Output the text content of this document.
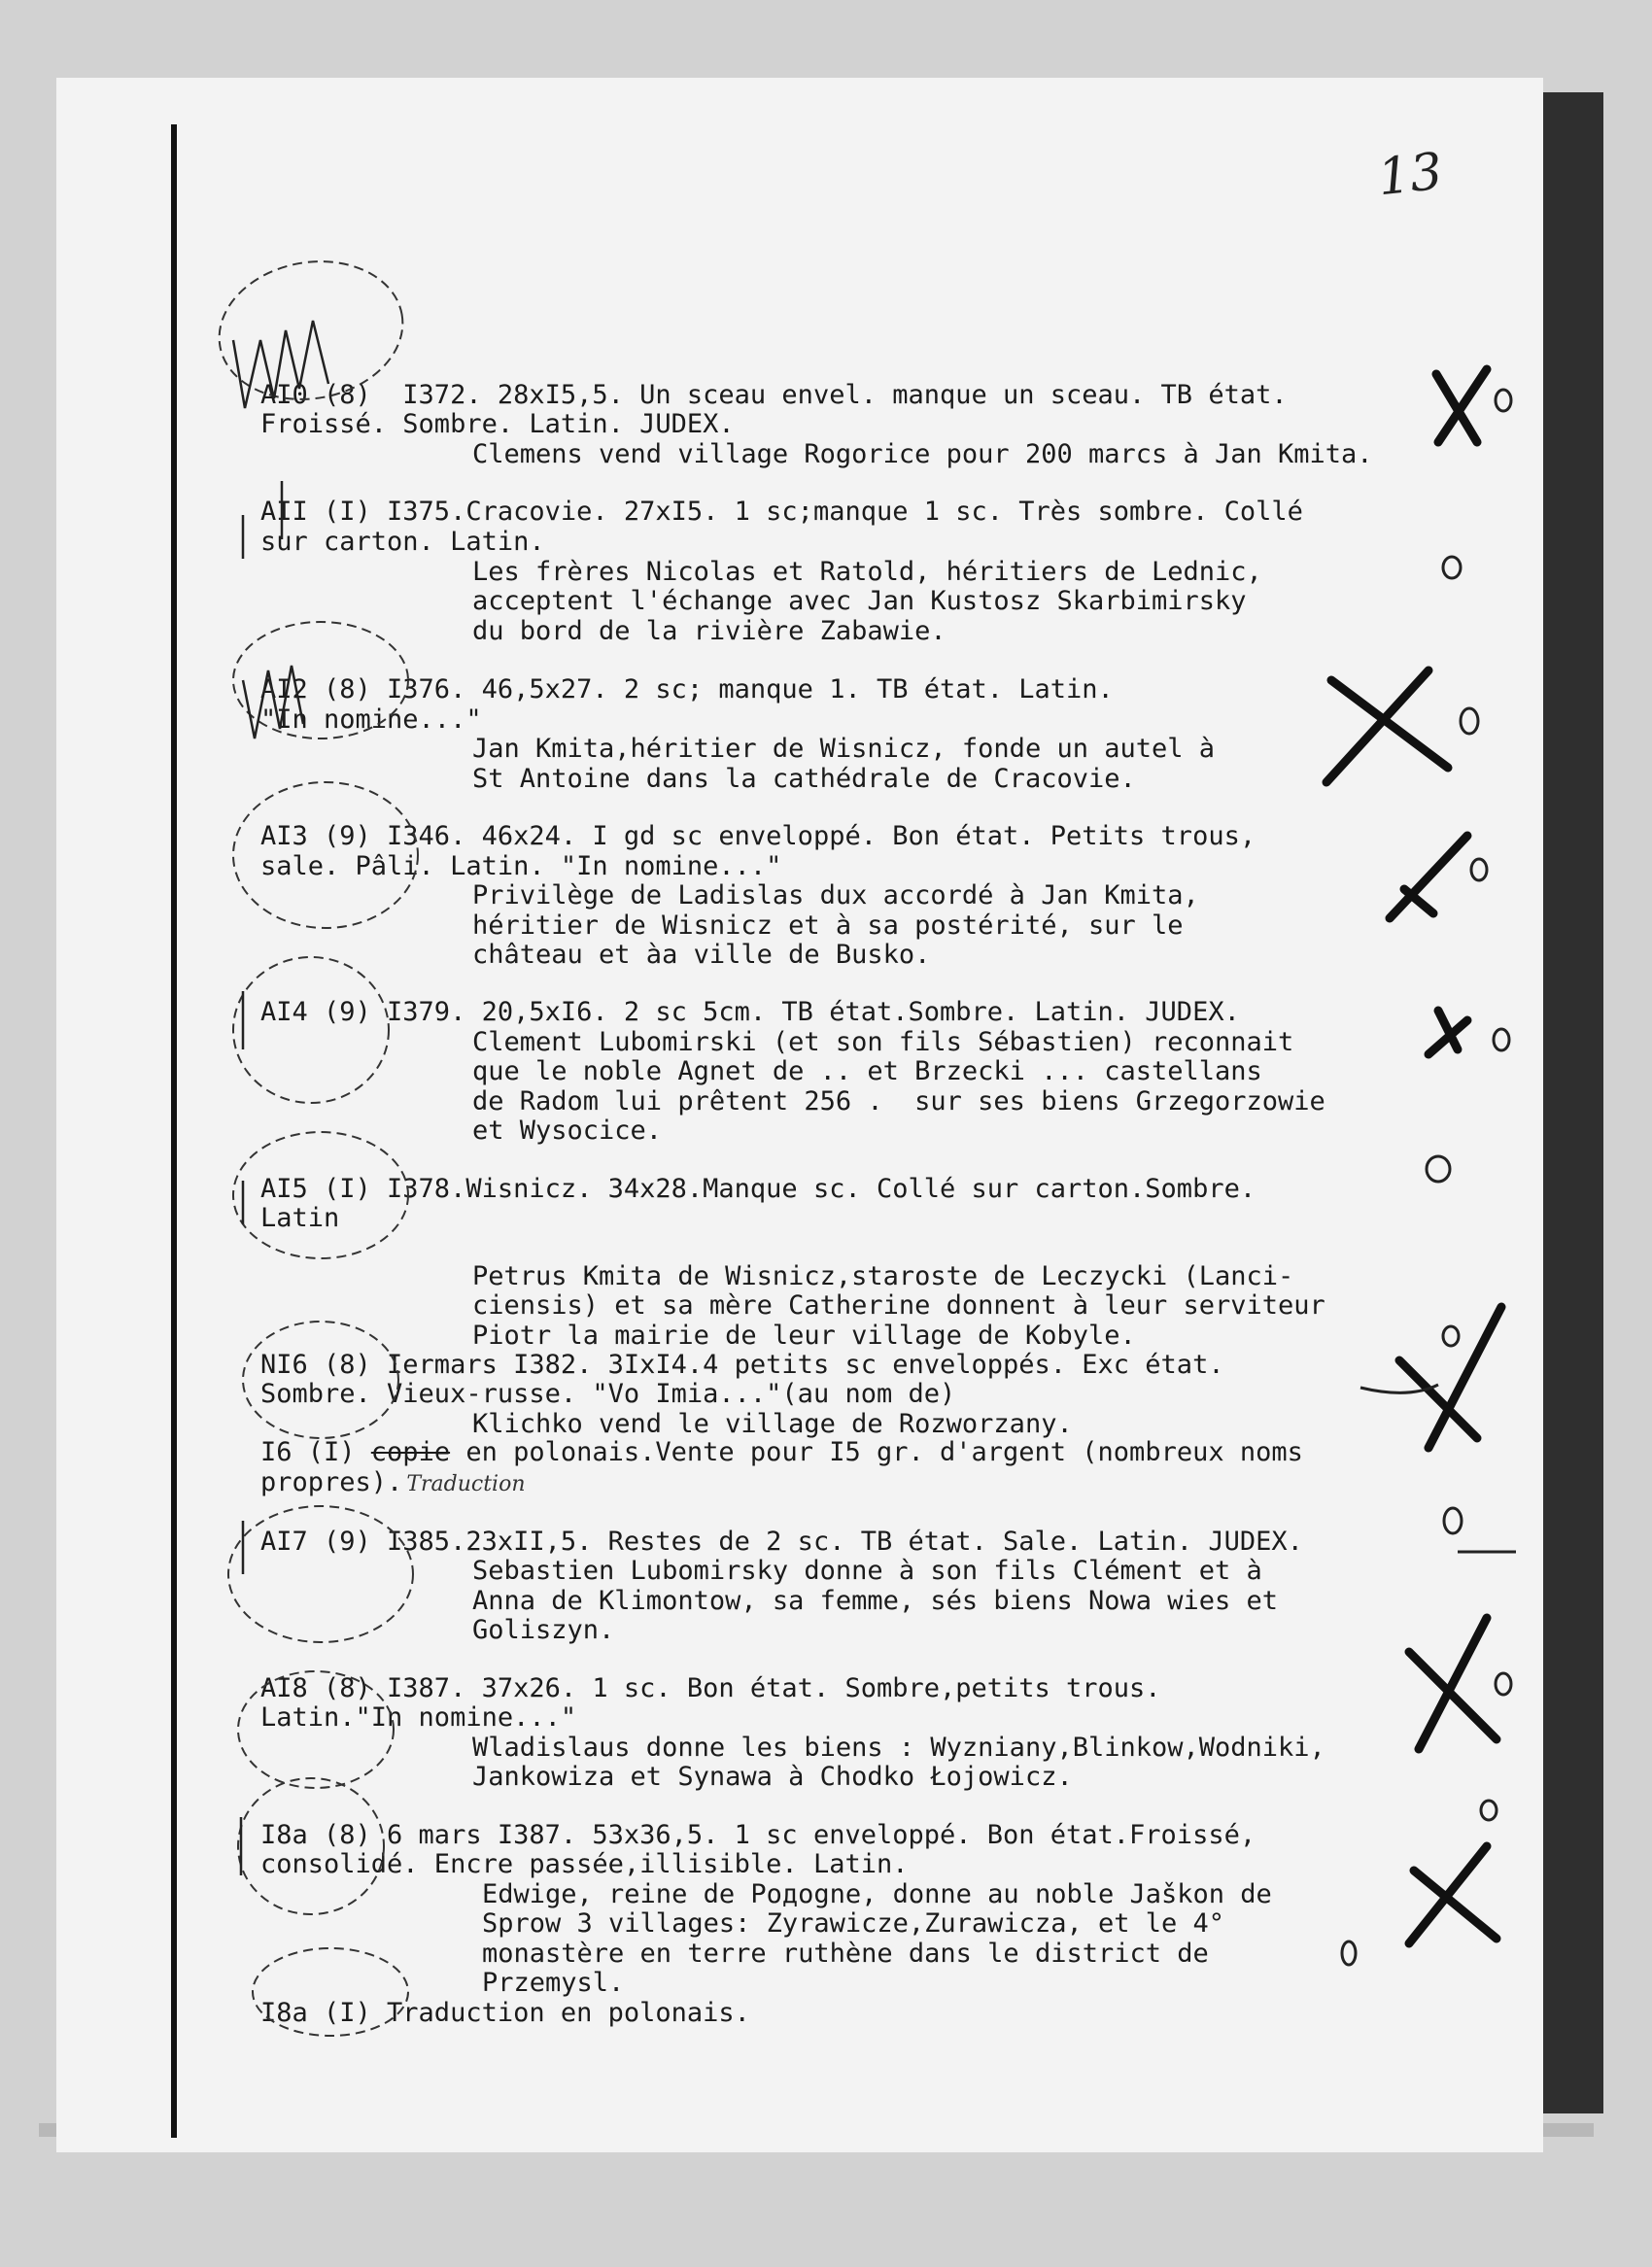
13
AI0 (8)  I372. 28xI5,5. Un sceau envel. manque un sceau. TB état.
Froissé. Sombre. Latin. JUDEX.
Clemens vend village Rogorice pour 200 marcs à Jan Kmita.
AII (I) I375.Cracovie. 27xI5. 1 sc;manque 1 sc. Très sombre. Collé
sur carton. Latin.
Les frères Nicolas et Ratold, héritiers de Lednic,
acceptent l'échange avec Jan Kustosz Skarbimirsky
du bord de la rivière Zabawie.
AI2 (8) I376. 46,5x27. 2 sc; manque 1. TB état. Latin.
"In nomine..."
Jan Kmita,héritier de Wisnicz, fonde un autel à
St Antoine dans la cathédrale de Cracovie.
AI3 (9) I346. 46x24. I gd sc enveloppé. Bon état. Petits trous,
sale. Pâli. Latin. "In nomine..."
Privilège de Ladislas dux accordé à Jan Kmita,
héritier de Wisnicz et à sa postérité, sur le
château et àa ville de Busko.
AI4 (9) I379. 20,5xI6. 2 sc 5cm. TB état.Sombre. Latin. JUDEX.
Clement Lubomirski (et son fils Sébastien) reconnait
que le noble Agnet de .. et Brzecki ... castellans
de Radom lui prêtent 256 .  sur ses biens Grzegorzowie
et Wysocice.
AI5 (I) I378.Wisnicz. 34x28.Manque sc. Collé sur carton.Sombre.
Latin
Petrus Kmita de Wisnicz,staroste de Leczycki (Lanci-
ciensis) et sa mère Catherine donnent à leur serviteur
Piotr la mairie de leur village de Kobyle.
NI6 (8) Iermars I382. 3IxI4.4 petits sc enveloppés. Exc état.
Sombre. Vieux-russe. "Vo Imia..."(au nom de)
Klichko vend le village de Rozworzany.
I6 (I) copie en polonais.Vente pour I5 gr. d'argent (nombreux noms
propres). Traduction
AI7 (9) I385.23xII,5. Restes de 2 sc. TB état. Sale. Latin. JUDEX.
Sebastien Lubomirsky donne à son fils Clément et à
Anna de Klimontow, sa femme, sés biens Nowa wies et
Goliszyn.
AI8 (8) I387. 37x26. 1 sc. Bon état. Sombre,petits trous.
Latin."In nomine..."
Wladislaus donne les biens : Wyzniany,Blinkow,Wodniki,
Jankowiza et Synawa à Chodko Łojowicz.
I8a (8) 6 mars I387. 53x36,5. 1 sc enveloppé. Bon état.Froissé,
consolidé. Encre passée,illisible. Latin.
Edwige, reine de Poдogne, donne au noble Jaškon de
Sprow 3 villages: Zyrawicze,Zurawicza, et le 4°
monastère en terre ruthène dans le district de
Przemysl.
I8a (I) Traduction en polonais.
